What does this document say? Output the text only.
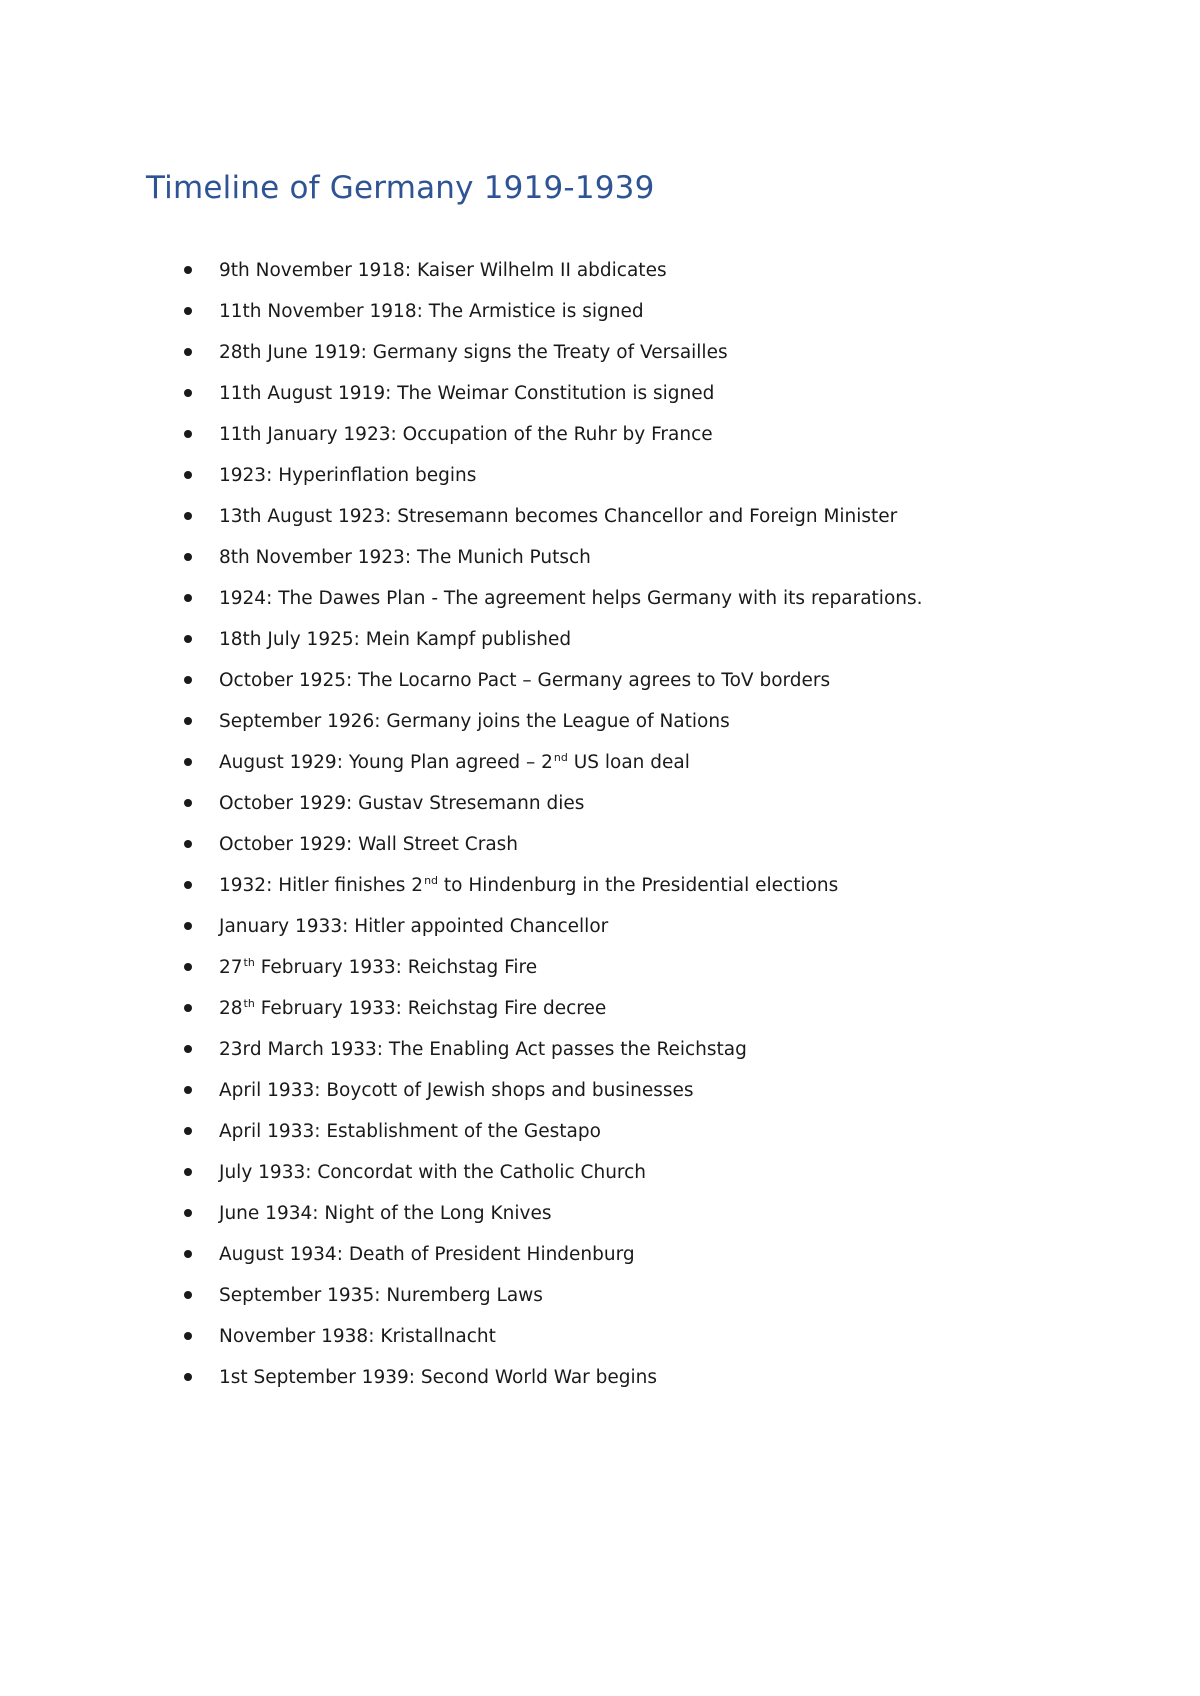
Timeline of Germany 1919-1939
9th November 1918: Kaiser Wilhelm II abdicates
11th November 1918: The Armistice is signed
28th June 1919: Germany signs the Treaty of Versailles
11th August 1919: The Weimar Constitution is signed
11th January 1923: Occupation of the Ruhr by France
1923: Hyperinflation begins
13th August 1923: Stresemann becomes Chancellor and Foreign Minister
8th November 1923: The Munich Putsch
1924: The Dawes Plan - The agreement helps Germany with its reparations.
18th July 1925: Mein Kampf published
October 1925: The Locarno Pact – Germany agrees to ToV borders
September 1926: Germany joins the League of Nations
August 1929: Young Plan agreed – 2nd US loan deal
October 1929: Gustav Stresemann dies
October 1929: Wall Street Crash
1932: Hitler finishes 2nd to Hindenburg in the Presidential elections
January 1933: Hitler appointed Chancellor
27th February 1933: Reichstag Fire
28th February 1933: Reichstag Fire decree
23rd March 1933: The Enabling Act passes the Reichstag
April 1933: Boycott of Jewish shops and businesses
April 1933: Establishment of the Gestapo
July 1933: Concordat with the Catholic Church
June 1934: Night of the Long Knives
August 1934: Death of President Hindenburg
September 1935: Nuremberg Laws
November 1938: Kristallnacht
1st September 1939: Second World War begins
